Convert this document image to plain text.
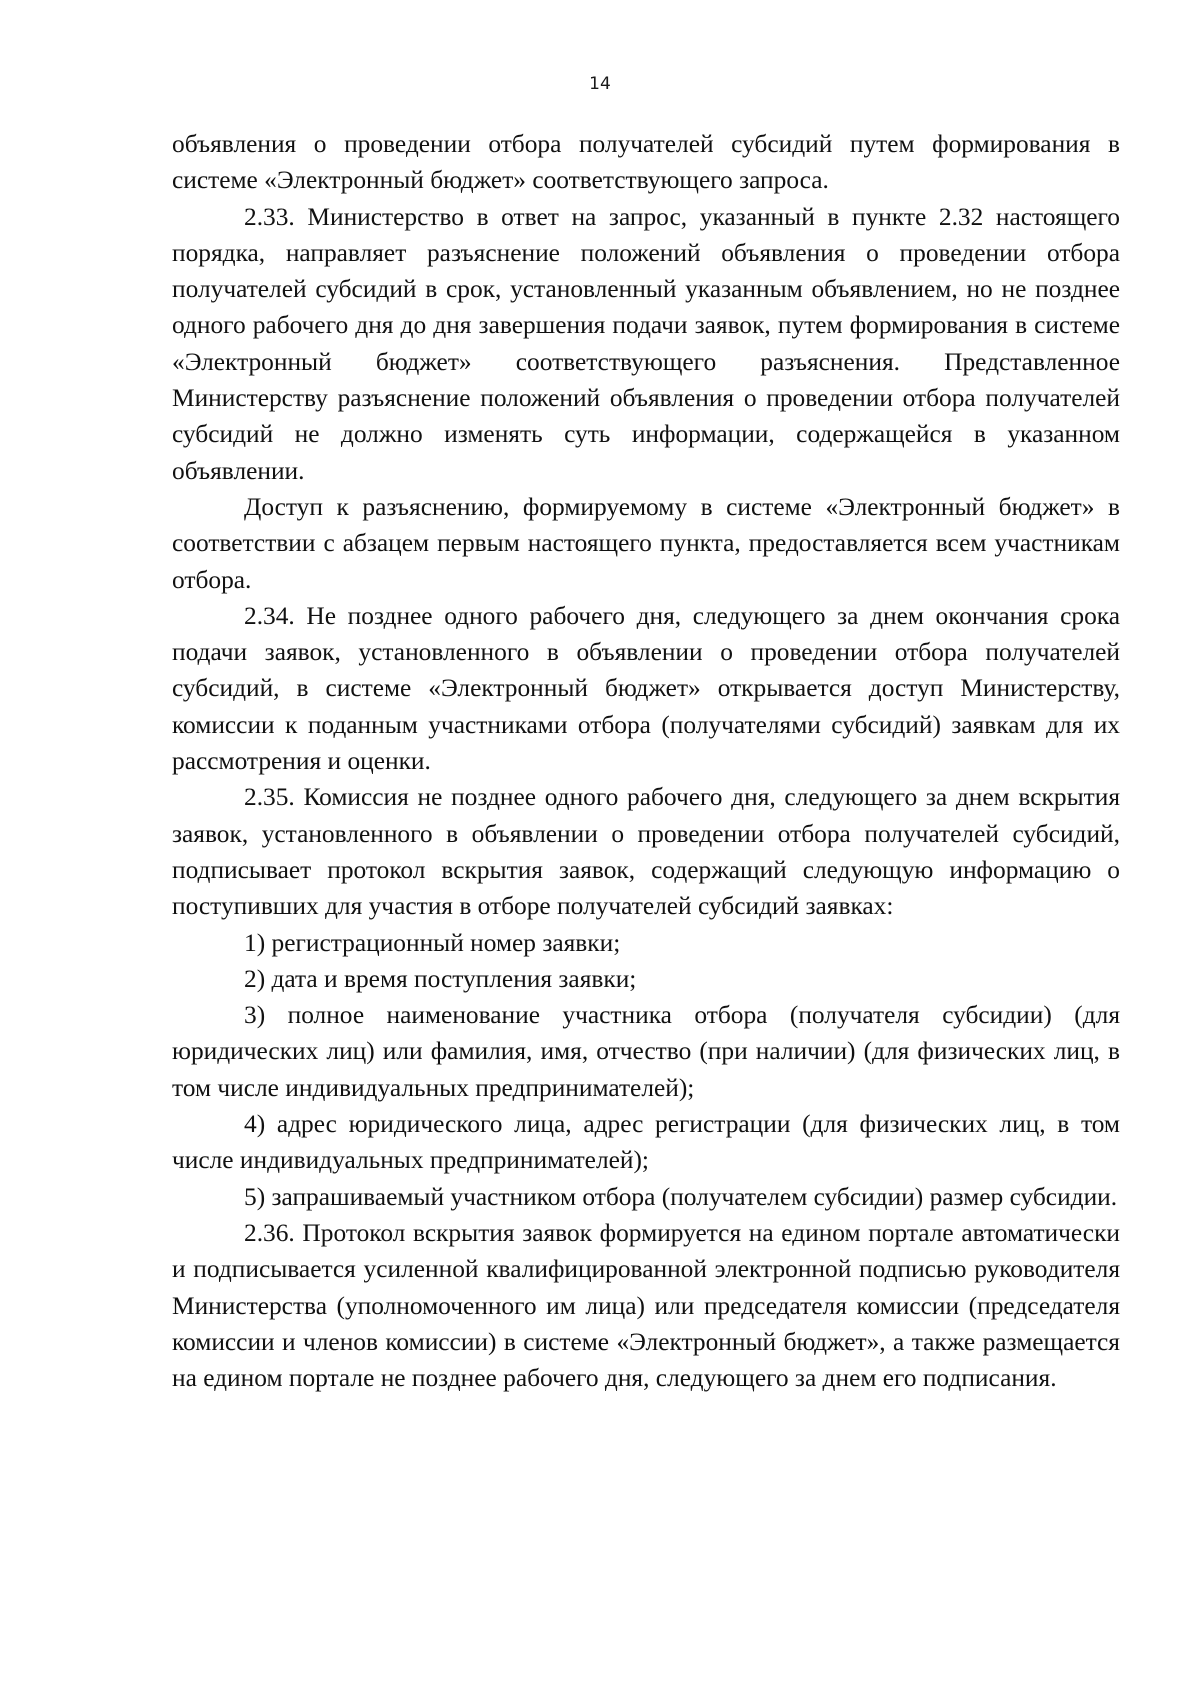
14

объявления о проведении отбора получателей субсидий путем формирования в системе «Электронный бюджет» соответствующего запроса.

2.33. Министерство в ответ на запрос, указанный в пункте 2.32 настоящего порядка, направляет разъяснение положений объявления о проведении отбора получателей субсидий в срок, установленный указанным объявлением, но не позднее одного рабочего дня до дня завершения подачи заявок, путем формирования в системе «Электронный бюджет» соответствующего разъяснения. Представленное Министерству разъяснение положений объявления о проведении отбора получателей субсидий не должно изменять суть информации, содержащейся в указанном объявлении.

Доступ к разъяснению, формируемому в системе «Электронный бюджет» в соответствии с абзацем первым настоящего пункта, предоставляется всем участникам отбора.

2.34. Не позднее одного рабочего дня, следующего за днем окончания срока подачи заявок, установленного в объявлении о проведении отбора получателей субсидий, в системе «Электронный бюджет» открывается доступ Министерству, комиссии к поданным участниками отбора (получателями субсидий) заявкам для их рассмотрения и оценки.

2.35. Комиссия не позднее одного рабочего дня, следующего за днем вскрытия заявок, установленного в объявлении о проведении отбора получателей субсидий, подписывает протокол вскрытия заявок, содержащий следующую информацию о поступивших для участия в отборе получателей субсидий заявках:

1) регистрационный номер заявки;

2) дата и время поступления заявки;

3) полное наименование участника отбора (получателя субсидии) (для юридических лиц) или фамилия, имя, отчество (при наличии) (для физических лиц, в том числе индивидуальных предпринимателей);

4) адрес юридического лица, адрес регистрации (для физических лиц, в том числе индивидуальных предпринимателей);

5) запрашиваемый участником отбора (получателем субсидии) размер субсидии.

2.36. Протокол вскрытия заявок формируется на едином портале автоматически и подписывается усиленной квалифицированной электронной подписью руководителя Министерства (уполномоченного им лица) или председателя комиссии (председателя комиссии и членов комиссии) в системе «Электронный бюджет», а также размещается на едином портале не позднее рабочего дня, следующего за днем его подписания.
